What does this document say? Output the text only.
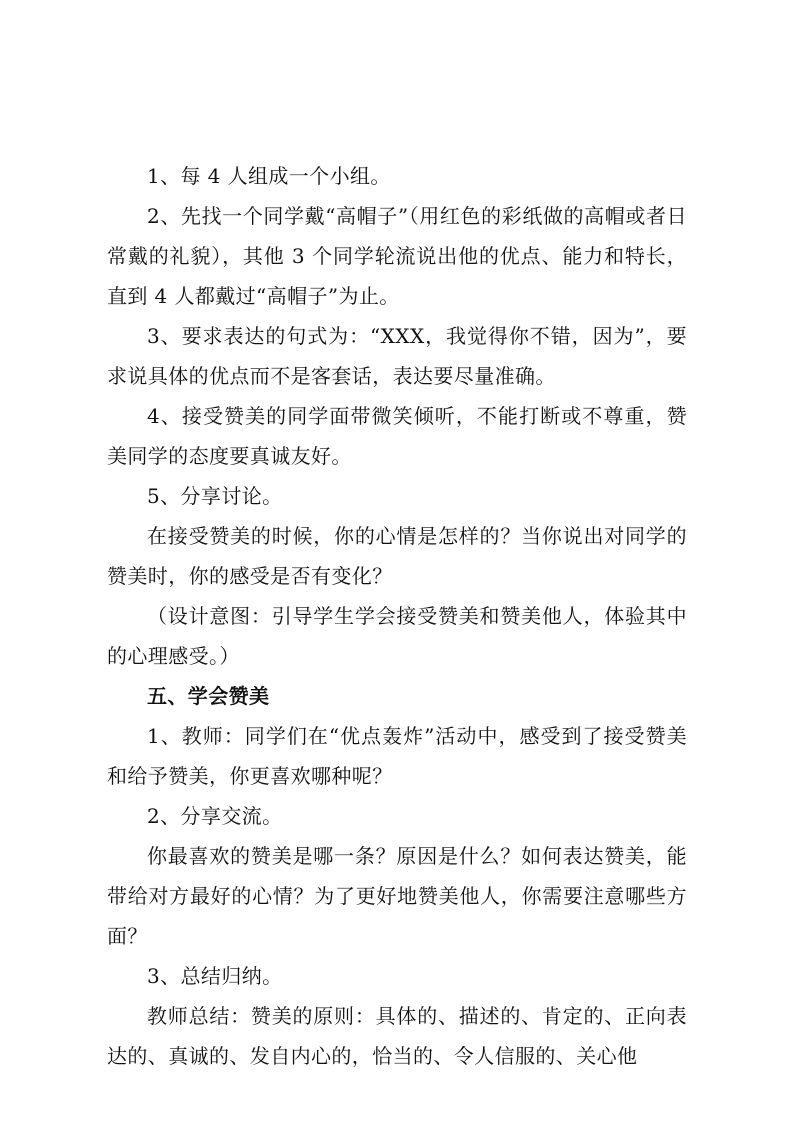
1、每 4 人组成一个小组。

2、先找一个同学戴“高帽子”（用红色的彩纸做的高帽或者日常戴的礼貌），其他 3 个同学轮流说出他的优点、能力和特长，直到 4 人都戴过“高帽子”为止。

3、要求表达的句式为：“XXX，我觉得你不错，因为”，要求说具体的优点而不是客套话，表达要尽量准确。

4、接受赞美的同学面带微笑倾听，不能打断或不尊重，赞美同学的态度要真诚友好。

5、分享讨论。

在接受赞美的时候，你的心情是怎样的？当你说出对同学的赞美时，你的感受是否有变化？

（设计意图：引导学生学会接受赞美和赞美他人，体验其中的心理感受。）

五、学会赞美

1、教师：同学们在“优点轰炸”活动中，感受到了接受赞美和给予赞美，你更喜欢哪种呢？

2、分享交流。

你最喜欢的赞美是哪一条？原因是什么？如何表达赞美，能带给对方最好的心情？为了更好地赞美他人，你需要注意哪些方面？

3、总结归纳。

教师总结：赞美的原则：具体的、描述的、肯定的、正向表达的、真诚的、发自内心的，恰当的、令人信服的、关心他
